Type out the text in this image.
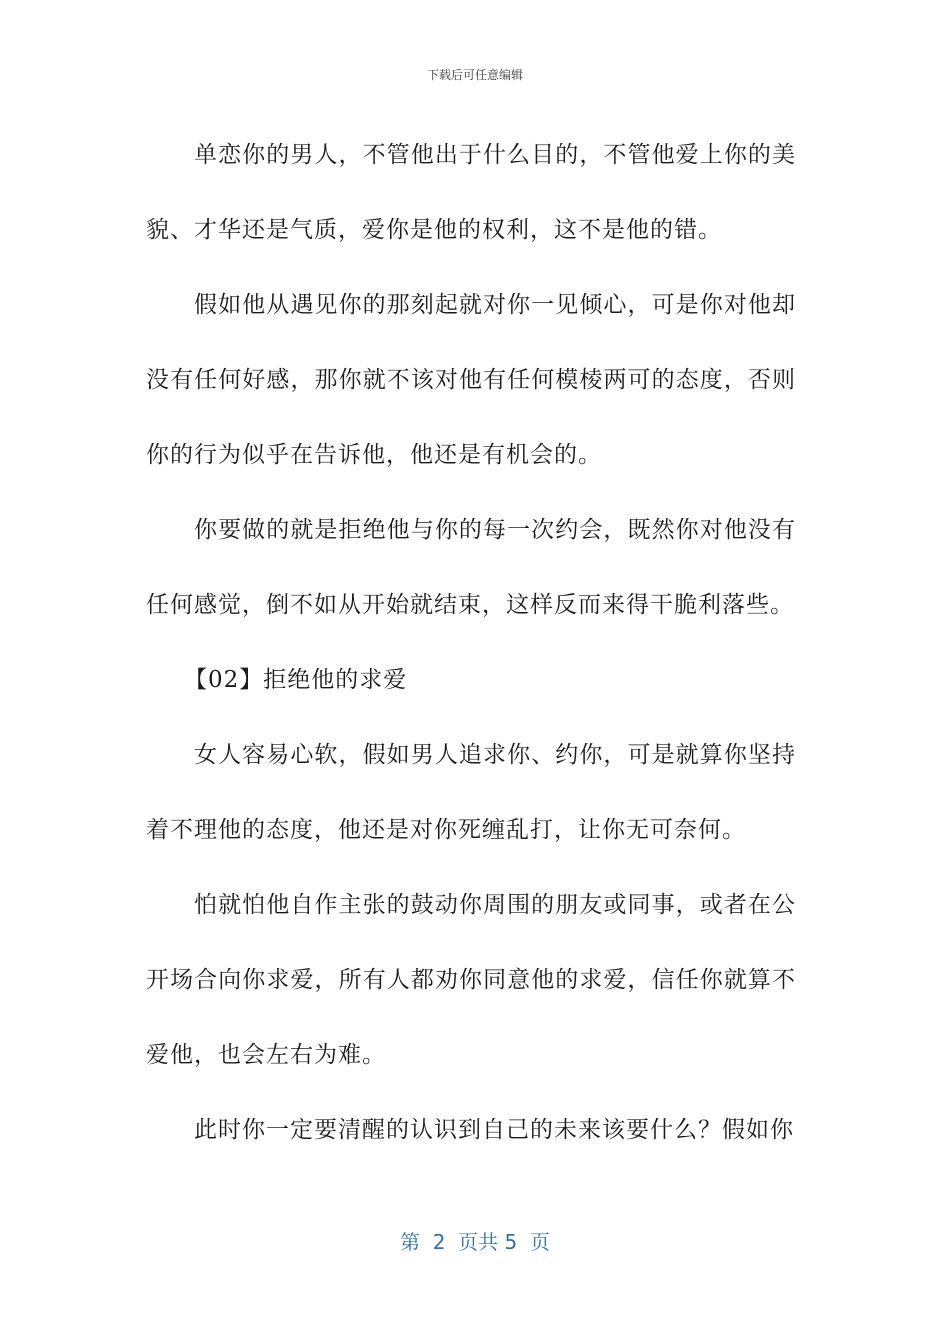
下载后可任意编辑

单恋你的男人，不管他出于什么目的，不管他爱上你的美貌、才华还是气质，爱你是他的权利，这不是他的错。

假如他从遇见你的那刻起就对你一见倾心，可是你对他却没有任何好感，那你就不该对他有任何模棱两可的态度，否则你的行为似乎在告诉他，他还是有机会的。

你要做的就是拒绝他与你的每一次约会，既然你对他没有任何感觉，倒不如从开始就结束，这样反而来得干脆利落些。

【02】拒绝他的求爱

女人容易心软，假如男人追求你、约你，可是就算你坚持着不理他的态度，他还是对你死缠乱打，让你无可奈何。

怕就怕他自作主张的鼓动你周围的朋友或同事，或者在公开场合向你求爱，所有人都劝你同意他的求爱，信任你就算不爱他，也会左右为难。

此时你一定要清醒的认识到自己的未来该要什么？假如你

第  2  页共 5  页
